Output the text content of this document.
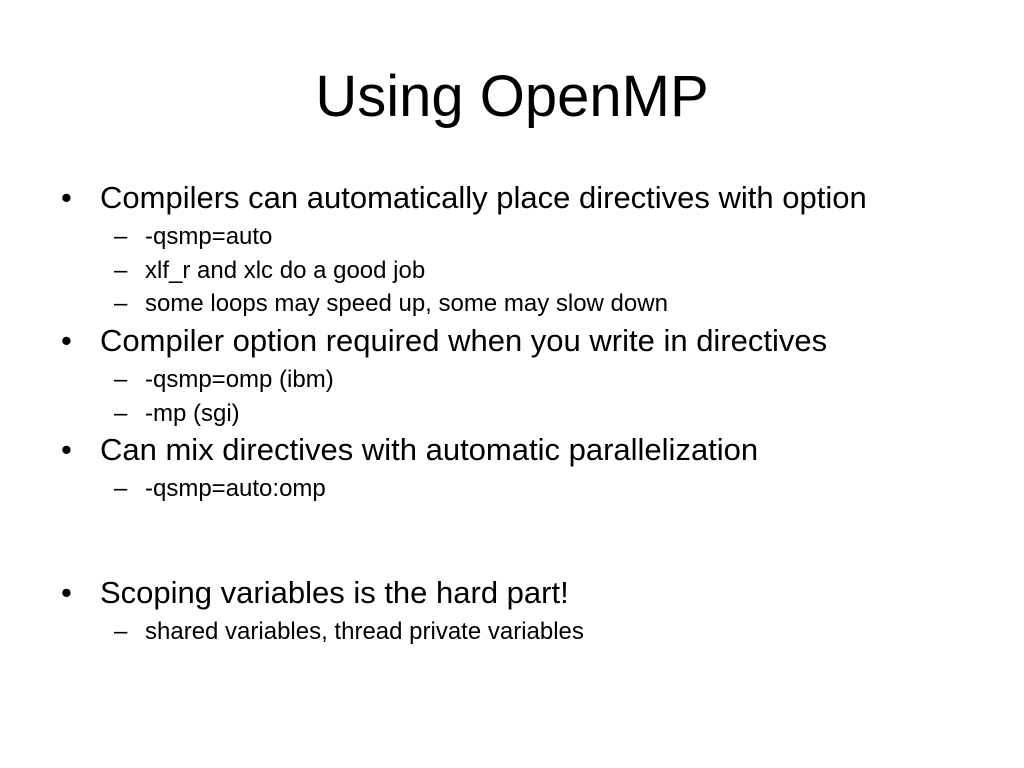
Using OpenMP
• Compilers can automatically place directives with option
– -qsmp=auto
– xlf_r and xlc do a good job
– some loops may speed up, some may slow down
• Compiler option required when you write in directives
– -qsmp=omp (ibm)
– -mp (sgi)
• Can mix directives with automatic parallelization
– -qsmp=auto:omp
• Scoping variables is the hard part!
– shared variables, thread private variables
